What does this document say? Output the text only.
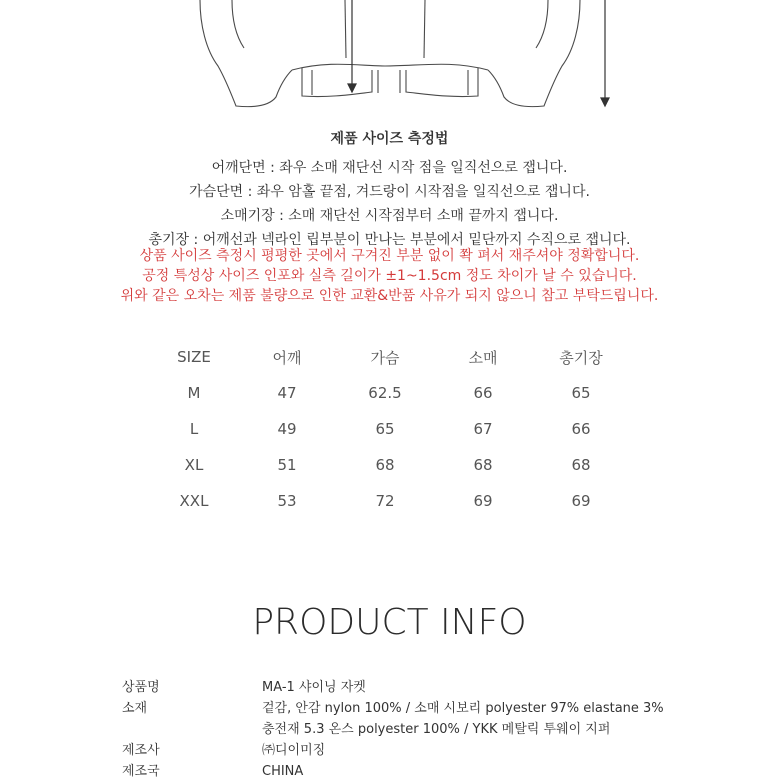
제품 사이즈 측정법
어깨단면 : 좌우 소매 재단선 시작 점을 일직선으로 잽니다.
가슴단면 : 좌우 암홀 끝점, 겨드랑이 시작점을 일직선으로 잽니다.
소매기장 : 소매 재단선 시작점부터 소매 끝까지 잽니다.
총기장 : 어깨선과 넥라인 립부분이 만나는 부분에서 밑단까지 수직으로 잽니다.
상품 사이즈 측정시 평평한 곳에서 구겨진 부분 없이 쫙 펴서 재주셔야 정확합니다.
공정 특성상 사이즈 인포와 실측 길이가 ±1~1.5cm 정도 차이가 날 수 있습니다.
위와 같은 오차는 제품 불량으로 인한 교환&반품 사유가 되지 않으니 참고 부탁드립니다.
SIZE	어깨	가슴	소매	총기장
M	47	62.5	66	65
L	49	65	67	66
XL	51	68	68	68
XXL	53	72	69	69
PRODUCT INFO
상품명	MA-1 샤이닝 자켓
소재	겉감, 안감 nylon 100% / 소매 시보리 polyester 97% elastane 3%
충전재 5.3 온스 polyester 100% / YKK 메탈릭 투웨이 지퍼
제조사	㈜디이미징
제조국	CHINA
